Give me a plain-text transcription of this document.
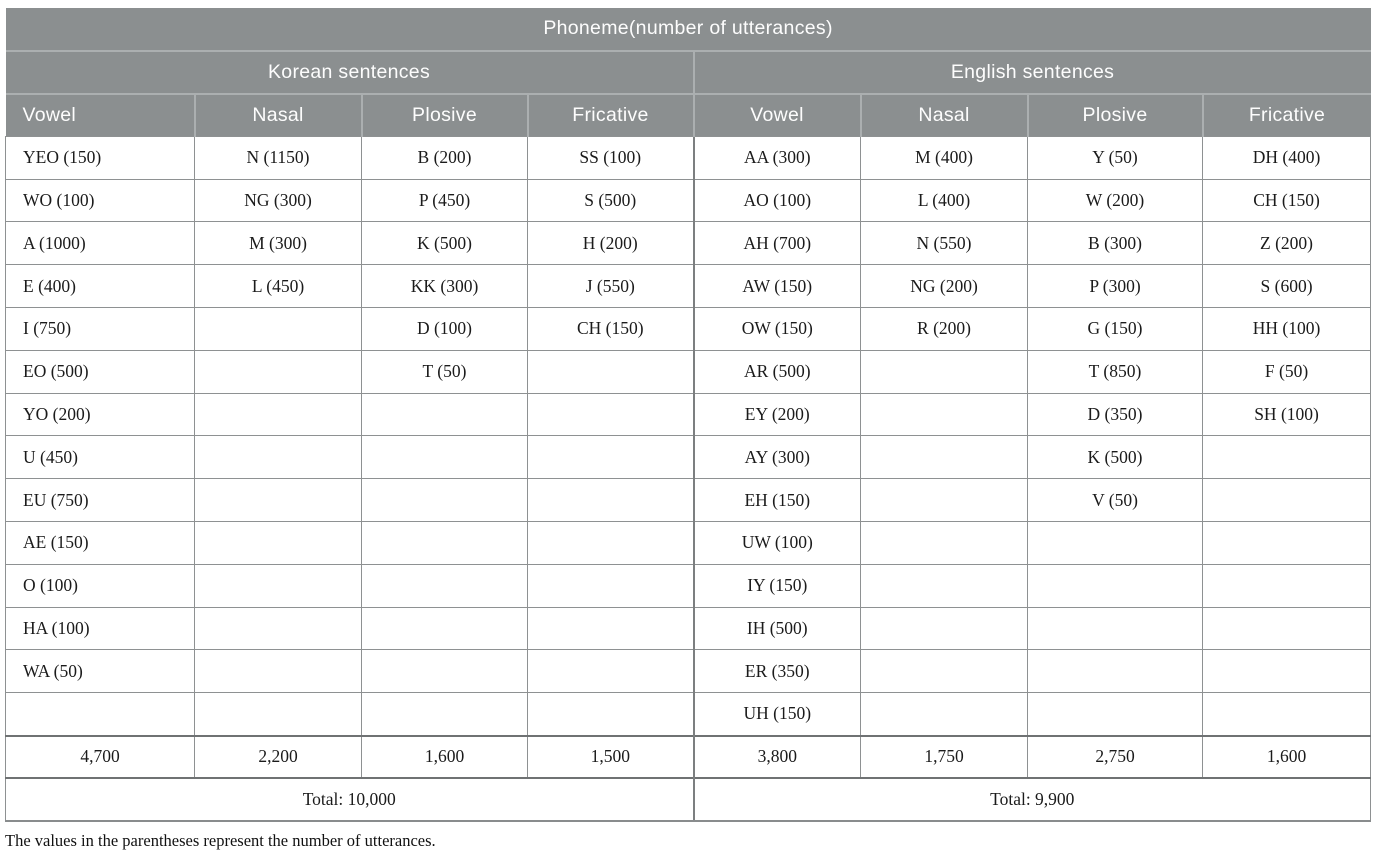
Phoneme(number of utterances)							
Korean sentences				English sentences			
Vowel	Nasal	Plosive	Fricative	Vowel	Nasal	Plosive	Fricative
YEO (150)	N (1150)	B (200)	SS (100)	AA (300)	M (400)	Y (50)	DH (400)
WO (100)	NG (300)	P (450)	S (500)	AO (100)	L (400)	W (200)	CH (150)
A (1000)	M (300)	K (500)	H (200)	AH (700)	N (550)	B (300)	Z (200)
E (400)	L (450)	KK (300)	J (550)	AW (150)	NG (200)	P (300)	S (600)
I (750)		D (100)	CH (150)	OW (150)	R (200)	G (150)	HH (100)
EO (500)		T (50)		AR (500)		T (850)	F (50)
YO (200)				EY (200)		D (350)	SH (100)
U (450)				AY (300)		K (500)	
EU (750)				EH (150)		V (50)	
AE (150)				UW (100)			
O (100)				IY (150)			
HA (100)				IH (500)			
WA (50)				ER (350)			
				UH (150)			
4,700	2,200	1,600	1,500	3,800	1,750	2,750	1,600
Total: 10,000				Total: 9,900			
The values in the parentheses represent the number of utterances.
